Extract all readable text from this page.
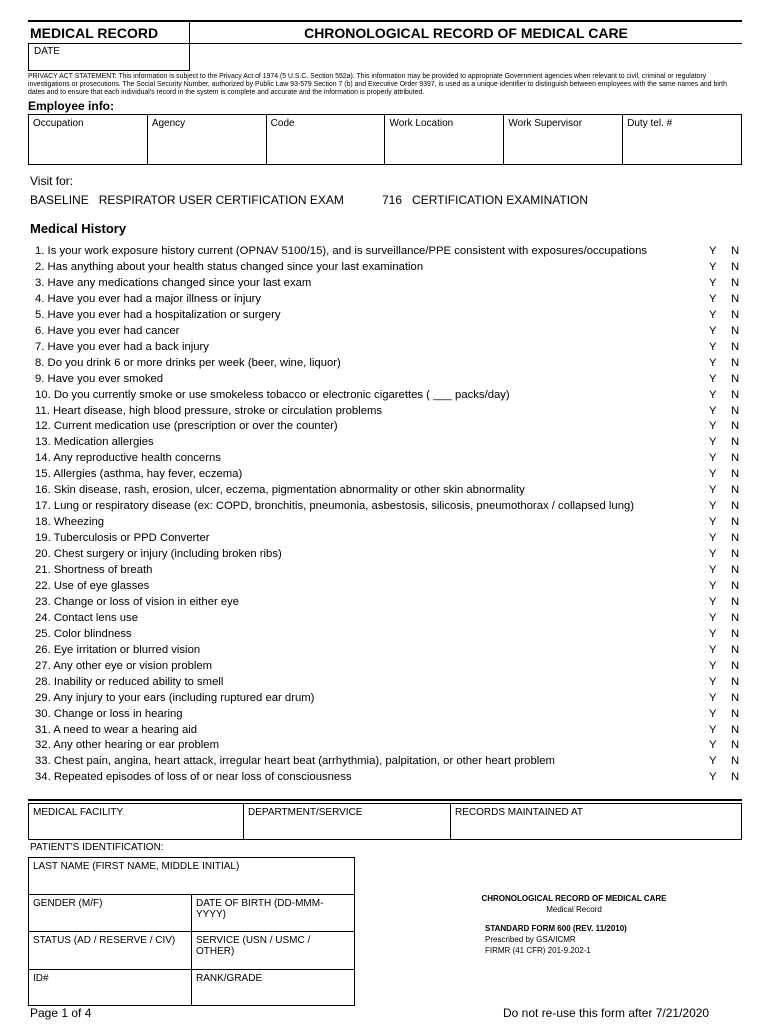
MEDICAL RECORD	CHRONOLOGICAL RECORD OF MEDICAL CARE
DATE
PRIVACY ACT STATEMENT: This information is subject to the Privacy Act of 1974 (5 U.S.C. Section 552a). This information may be provided to appropriate Government agencies when relevant to civil, criminal or regulatory investigations or prosecutions. The Social Security Number, authorized by Public Law 93-579 Section 7 (b) and Executive Order 9397, is used as a unique identifier to distinguish between employees with the same names and birth dates and to ensure that each individual's record in the system is complete and accurate and the information is properly attributed.
Employee info:
Occupation	Agency	Code	Work Location	Work Supervisor	Duty tel. #
Visit for:
BASELINE   RESPIRATOR USER CERTIFICATION EXAM	716   CERTIFICATION EXAMINATION
Medical History
1. Is your work exposure history current (OPNAV 5100/15), and is surveillance/PPE consistent with exposures/occupations	Y N
2. Has anything about your health status changed since your last examination	Y N
3. Have any medications changed since your last exam	Y N
4. Have you ever had a major illness or injury	Y N
5. Have you ever had a hospitalization or surgery	Y N
6. Have you ever had cancer	Y N
7. Have you ever had a back injury	Y N
8. Do you drink 6 or more drinks per week (beer, wine, liquor)	Y N
9. Have you ever smoked	Y N
10. Do you currently smoke or use smokeless tobacco or electronic cigarettes ( ___ packs/day)	Y N
11. Heart disease, high blood pressure, stroke or circulation problems	Y N
12. Current medication use (prescription or over the counter)	Y N
13. Medication allergies	Y N
14. Any reproductive health concerns	Y N
15. Allergies (asthma, hay fever, eczema)	Y N
16. Skin disease, rash, erosion, ulcer, eczema, pigmentation abnormality or other skin abnormality	Y N
17. Lung or respiratory disease (ex: COPD, bronchitis, pneumonia, asbestosis, silicosis, pneumothorax / collapsed lung)	Y N
18. Wheezing	Y N
19. Tuberculosis or PPD Converter	Y N
20. Chest surgery or injury (including broken ribs)	Y N
21. Shortness of breath	Y N
22. Use of eye glasses	Y N
23. Change or loss of vision in either eye	Y N
24. Contact lens use	Y N
25. Color blindness	Y N
26. Eye irritation or blurred vision	Y N
27. Any other eye or vision problem	Y N
28. Inability or reduced ability to smell	Y N
29. Any injury to your ears (including ruptured ear drum)	Y N
30. Change or loss in hearing	Y N
31. A need to wear a hearing aid	Y N
32. Any other hearing or ear problem	Y N
33. Chest pain, angina, heart attack, irregular heart beat (arrhythmia), palpitation, or other heart problem	Y N
34. Repeated episodes of loss of or near loss of consciousness	Y N
MEDICAL FACILITY	DEPARTMENT/SERVICE	RECORDS MAINTAINED AT
PATIENT'S IDENTIFICATION:
LAST NAME (FIRST NAME, MIDDLE INITIAL)
GENDER (M/F)	DATE OF BIRTH (DD-MMM-YYYY)
STATUS (AD / RESERVE / CIV)	SERVICE (USN / USMC / OTHER)
ID#	RANK/GRADE
CHRONOLOGICAL RECORD OF MEDICAL CARE
Medical Record
STANDARD FORM 600 (REV. 11/2010)
Prescribed by GSA/ICMR
FIRMR (41 CFR) 201-9.202-1
Page 1 of 4	Do not re-use this form after 7/21/2020
